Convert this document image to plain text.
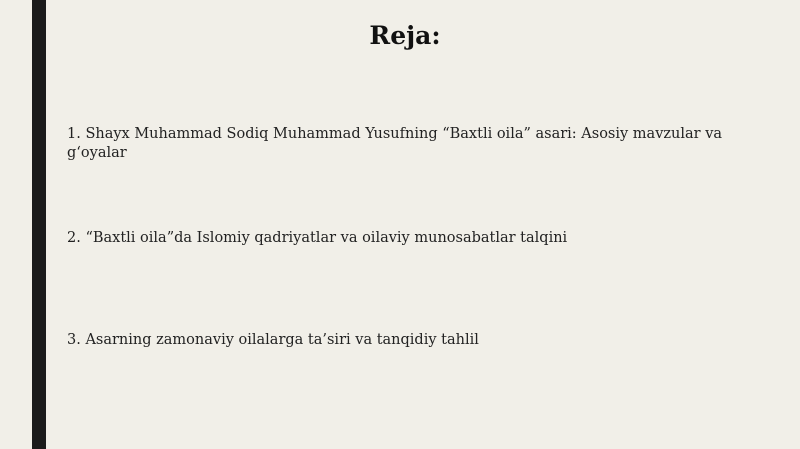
Reja:
1. Shayx Muhammad Sodiq Muhammad Yusufning “Baxtli oila” asari: Asosiy mavzular va g‘oyalar
2. “Baxtli oila”da Islomiy qadriyatlar va oilaviy munosabatlar talqini
3. Asarning zamonaviy oilalarga ta’siri va tanqidiy tahlil
